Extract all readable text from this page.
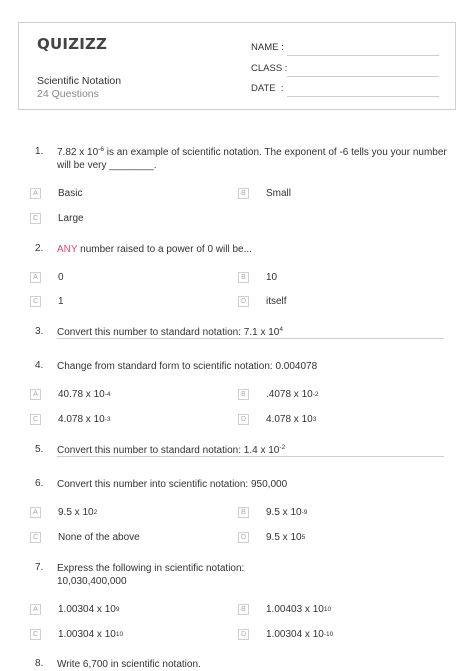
QUIZIZZ
Scientific Notation
24 Questions
NAME :
CLASS :
DATE  :
1. 7.82 x $10^{-6}$ is an example of scientific notation. The exponent of -6 tells you your number
will be very ________.
A	Basic	B	Small
C Large
2. ANY number raised to a power of 0 will be...
A	0	B	10
C 1	D itself
3. Convert this number to standard notation: 7.1 x $10^4$
4. Change from standard form to scientific notation: 0.004078
A	40.78 x 10 -4	B	.4078 x 10 -2
C 4.078 x 10 -3	D 4.078 x 10 3
5. Convert this number to standard notation: 1.4 x $10^{-2}$
6. Convert this number into scientific notation: 950,000
A	9.5 x 10 2	B	9.5 x 10 -9
C None of the above	D 9.5 x 10 5
7. Express the following in scientific notation:
10,030,400,000
A	1.00304 x 10 9	B	1.00403 x 10 10
C 1.00304 x 10 10	D 1.00304 x 10 -10
8. Write 6,700 in scientific notation.
